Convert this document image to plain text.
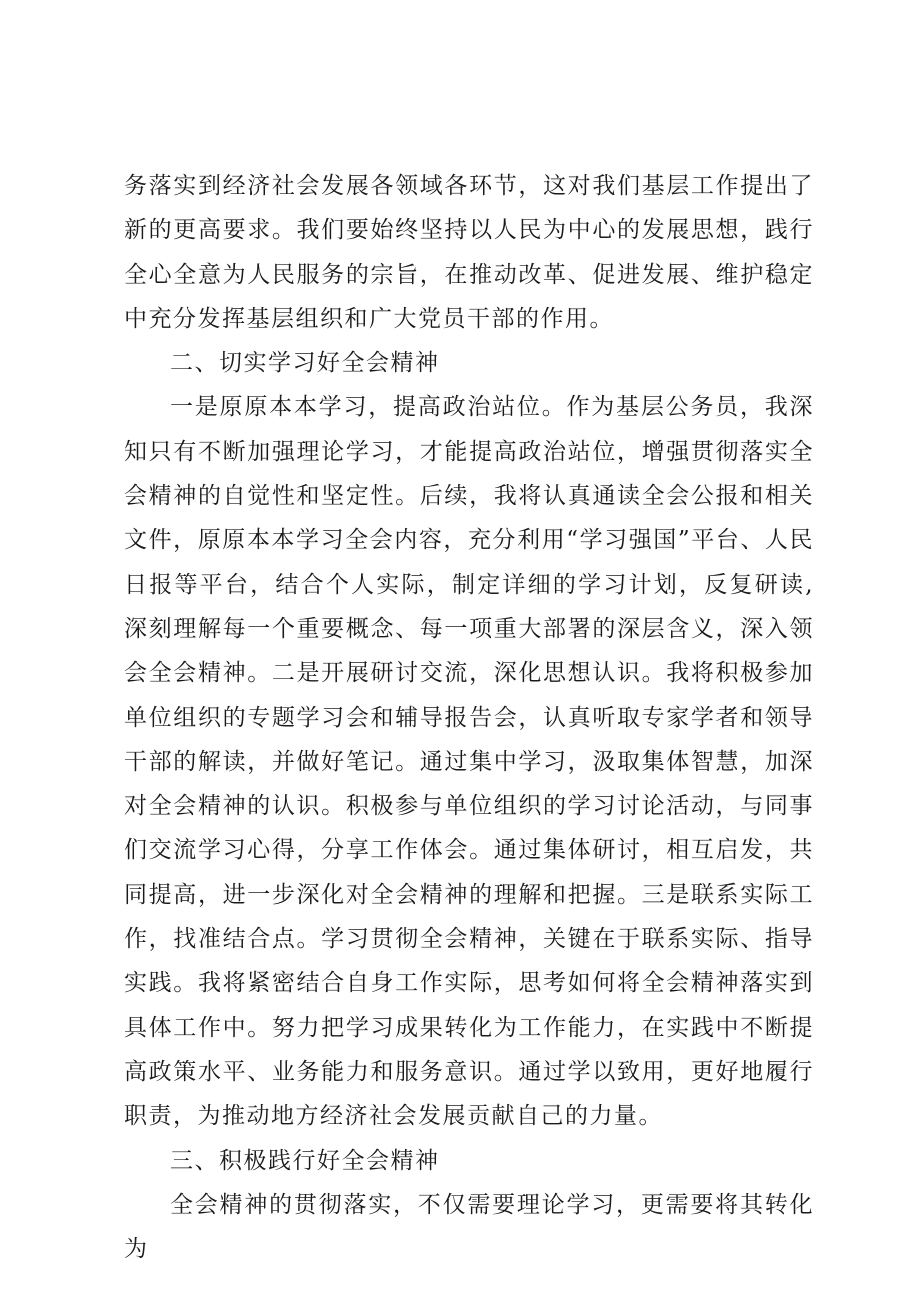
务落实到经济社会发展各领域各环节，这对我们基层工作提出了新的更高要求。我们要始终坚持以人民为中心的发展思想，践行全心全意为人民服务的宗旨，在推动改革、促进发展、维护稳定中充分发挥基层组织和广大党员干部的作用。

二、切实学习好全会精神

一是原原本本学习，提高政治站位。作为基层公务员，我深知只有不断加强理论学习，才能提高政治站位，增强贯彻落实全会精神的自觉性和坚定性。后续，我将认真通读全会公报和相关文件，原原本本学习全会内容，充分利用“学习强国”平台、人民日报等平台，结合个人实际，制定详细的学习计划，反复研读,深刻理解每一个重要概念、每一项重大部署的深层含义，深入领会全会精神。二是开展研讨交流，深化思想认识。我将积极参加单位组织的专题学习会和辅导报告会，认真听取专家学者和领导干部的解读，并做好笔记。通过集中学习，汲取集体智慧，加深对全会精神的认识。积极参与单位组织的学习讨论活动，与同事们交流学习心得，分享工作体会。通过集体研讨，相互启发，共同提高，进一步深化对全会精神的理解和把握。三是联系实际工作，找准结合点。学习贯彻全会精神，关键在于联系实际、指导实践。我将紧密结合自身工作实际，思考如何将全会精神落实到具体工作中。努力把学习成果转化为工作能力，在实践中不断提高政策水平、业务能力和服务意识。通过学以致用，更好地履行职责，为推动地方经济社会发展贡献自己的力量。

三、积极践行好全会精神

全会精神的贯彻落实，不仅需要理论学习，更需要将其转化为
